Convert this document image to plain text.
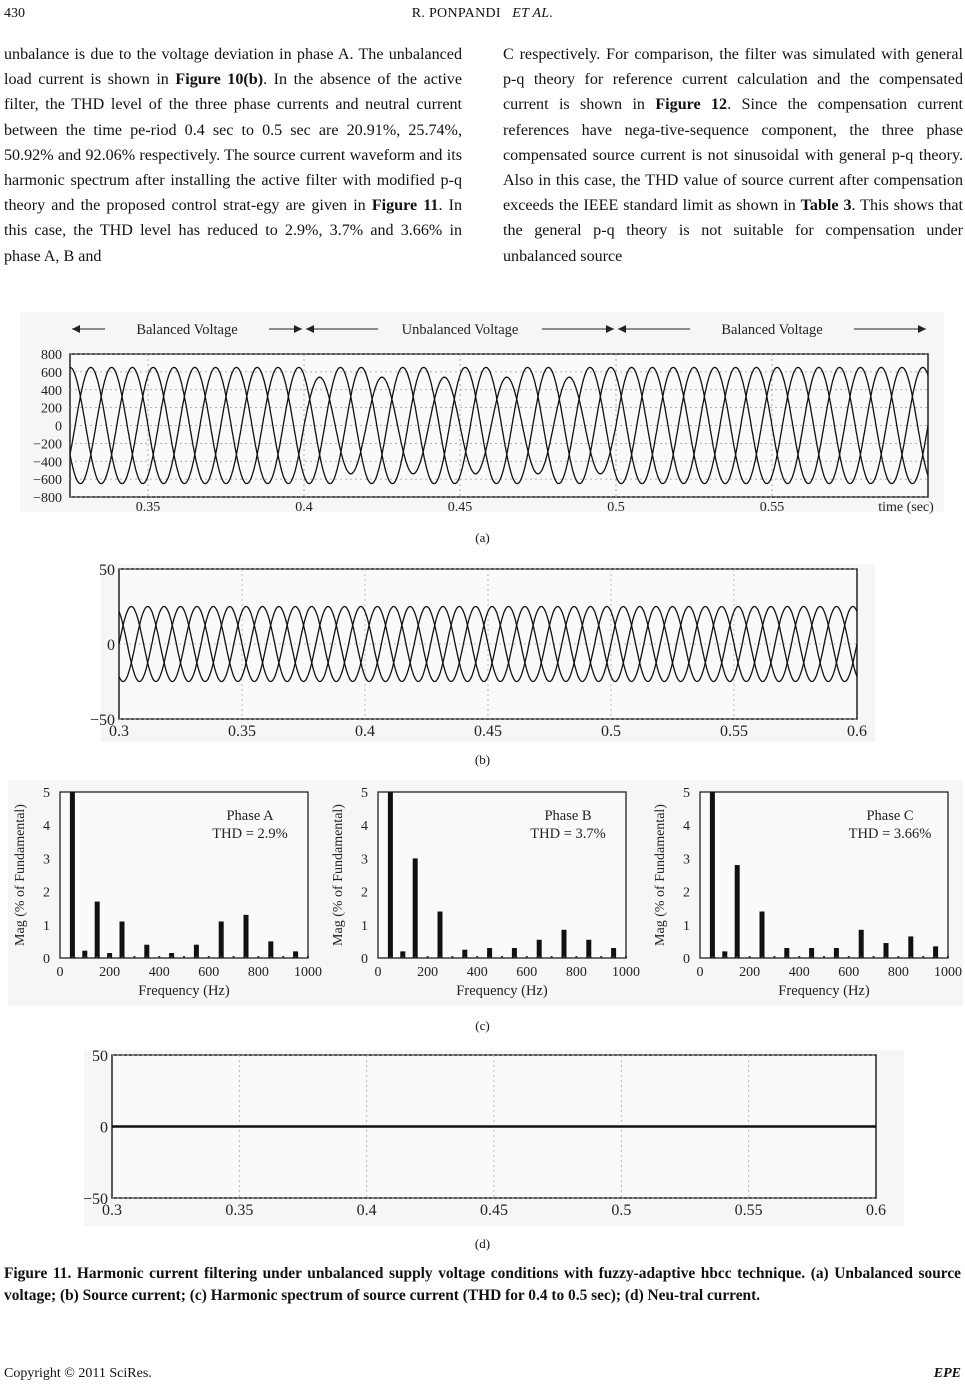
430	R. PONPANDI ET AL.
unbalance is due to the voltage deviation in phase A. The unbalanced load current is shown in Figure 10(b). In the absence of the active filter, the THD level of the three phase currents and neutral current between the time pe-riod 0.4 sec to 0.5 sec are 20.91%, 25.74%, 50.92% and 92.06% respectively. The source current waveform and its harmonic spectrum after installing the active filter with modified p-q theory and the proposed control strat-egy are given in Figure 11. In this case, the THD level has reduced to 2.9%, 3.7% and 3.66% in phase A, B and
C respectively. For comparison, the filter was simulated with general p-q theory for reference current calculation and the compensated current is shown in Figure 12. Since the compensation current references have nega-tive-sequence component, the three phase compensated source current is not sinusoidal with general p-q theory. Also in this case, the THD value of source current after compensation exceeds the IEEE standard limit as shown in Table 3. This shows that the general p-q theory is not suitable for compensation under unbalanced source
0.35	0.4	0.45	0.5	0.55
800
600
400
200
0
−200
−400
−600
−800
time (sec)
Balanced Voltage	Unbalanced Voltage	Balanced Voltage
(a)
0.3	0.35	0.4	0.45	0.5	0.55	0.6
50
0
−50
(b)
0
1
2
3
4
5
0	200 400 600 800 1000
Frequency (Hz)
Mag (% of Fundamental)	Phase A
THD = 2.9%
0
1
2
3
4
5
0	200 400 600 800 1000
Frequency (Hz)
Mag (% of Fundamental)	Phase B
THD = 3.7%
0
1
2
3
4
5
0	200 400 600 800 1000
Frequency (Hz)
Mag (% of Fundamental)	Phase C
THD = 3.66%
(c)
0.3	0.35	0.4	0.45	0.5	0.55	0.6
50
0
−50
(d)
Figure 11. Harmonic current filtering under unbalanced supply voltage conditions with fuzzy-adaptive hbcc technique. (a) Unbalanced source voltage; (b) Source current; (c) Harmonic spectrum of source current (THD for 0.4 to 0.5 sec); (d) Neu-tral current.
Copyright © 2011 SciRes.	EPE
